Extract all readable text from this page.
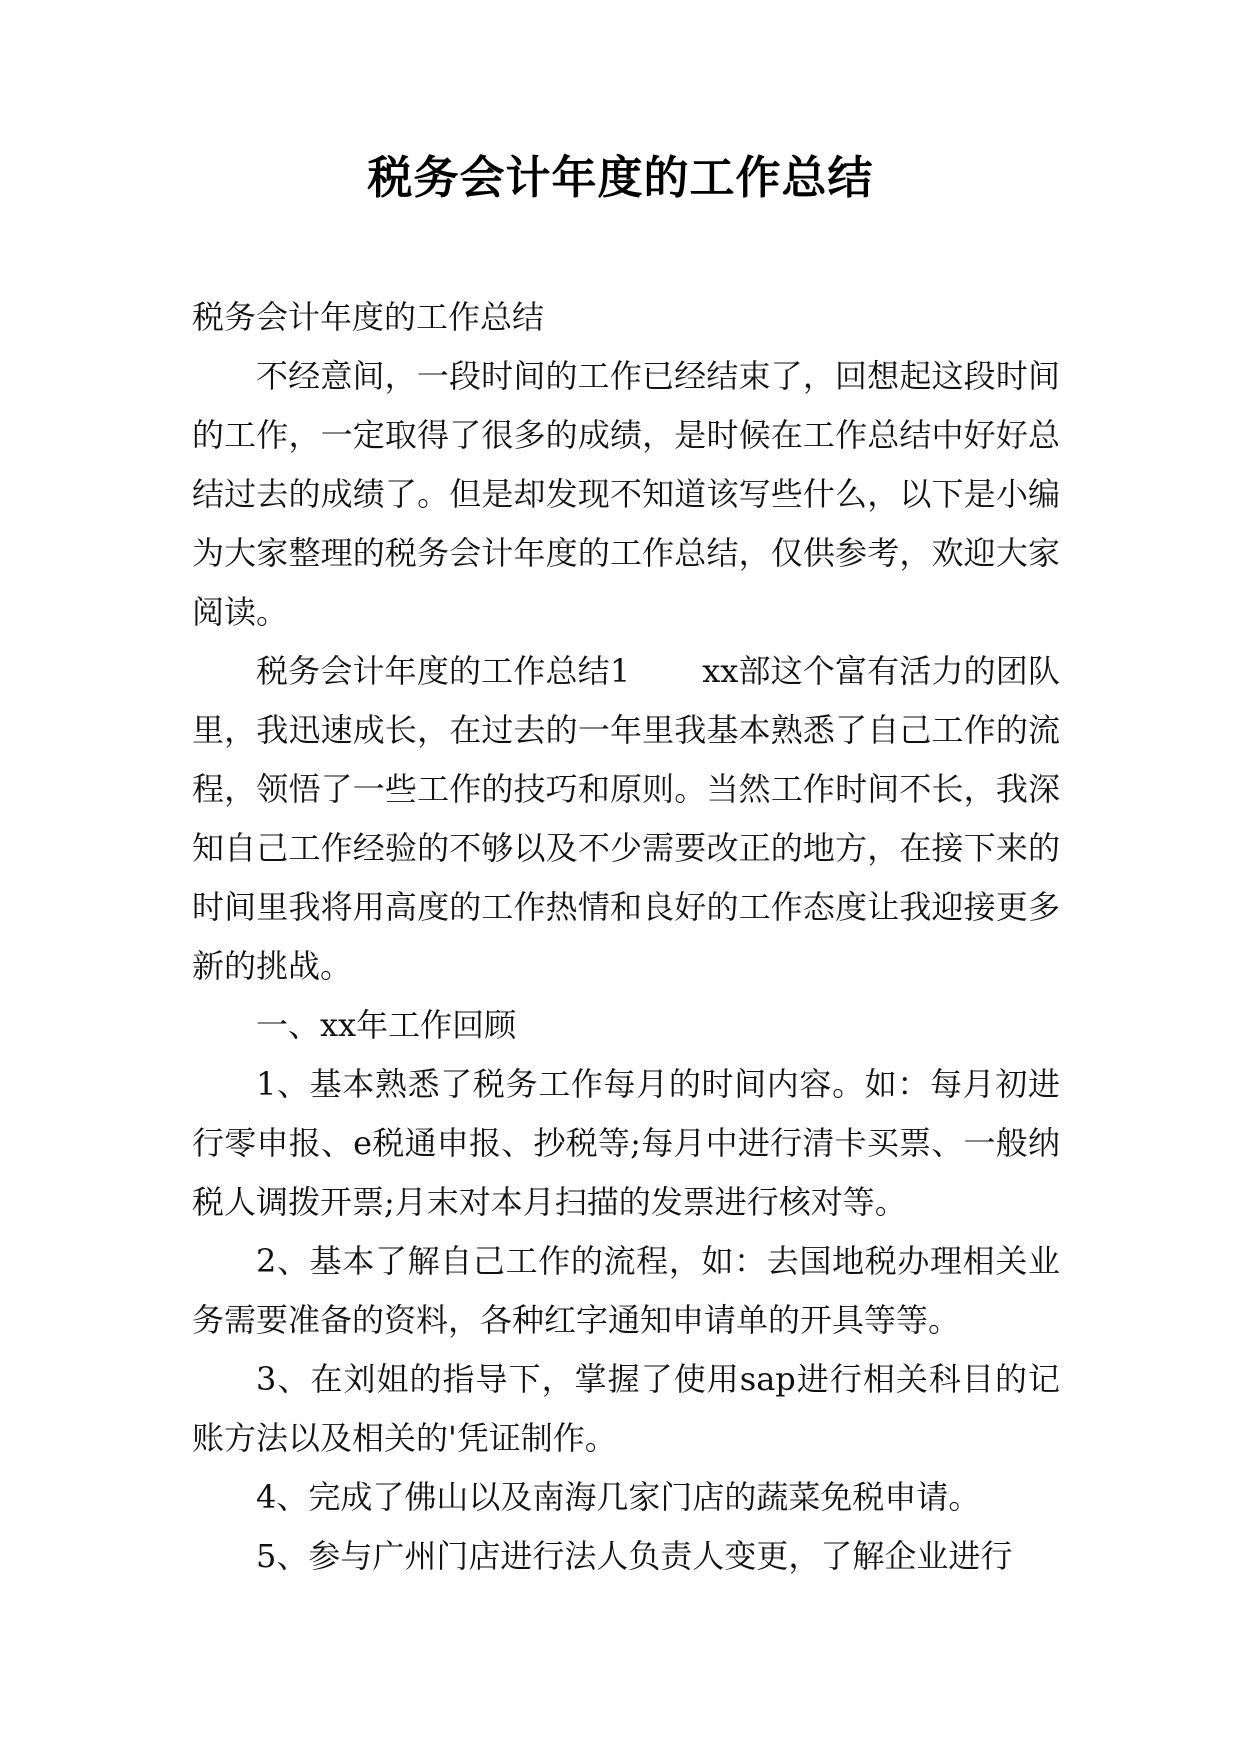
税务会计年度的工作总结

税务会计年度的工作总结

不经意间，一段时间的工作已经结束了，回想起这段时间的工作，一定取得了很多的成绩，是时候在工作总结中好好总结过去的成绩了。但是却发现不知道该写些什么，以下是小编为大家整理的税务会计年度的工作总结，仅供参考，欢迎大家阅读。

税务会计年度的工作总结1 xx部这个富有活力的团队里，我迅速成长，在过去的一年里我基本熟悉了自己工作的流程，领悟了一些工作的技巧和原则。当然工作时间不长，我深知自己工作经验的不够以及不少需要改正的地方，在接下来的时间里我将用高度的工作热情和良好的工作态度让我迎接更多新的挑战。

一、xx年工作回顾

1、基本熟悉了税务工作每月的时间内容。如：每月初进行零申报、e税通申报、抄税等;每月中进行清卡买票、一般纳税人调拨开票;月末对本月扫描的发票进行核对等。

2、基本了解自己工作的流程，如：去国地税办理相关业务需要准备的资料，各种红字通知申请单的开具等等。

3、在刘姐的指导下，掌握了使用sap进行相关科目的记账方法以及相关的'凭证制作。

4、完成了佛山以及南海几家门店的蔬菜免税申请。

5、参与广州门店进行法人负责人变更，了解企业进行
